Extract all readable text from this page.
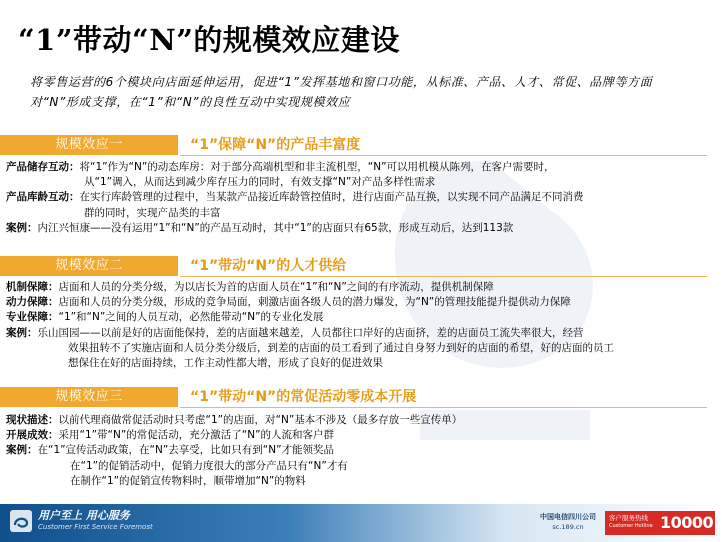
“1”带动“N”的规模效应建设
将零售运营的6个模块向店面延伸运用，促进“1”发挥基地和窗口功能，从标准、产品、人才、常促、品牌等方面对“N”形成支撑，在“1”和“N”的良性互动中实现规模效应
规模效应一	“1”保障“N”的产品丰富度

产品储存互动：将“1”作为“N”的动态库房：对于部分高端机型和非主流机型，“N”可以用机模从陈列，在客户需要时，

从“1”调入，从而达到减少库存压力的同时，有效支撑“N”对产品多样性需求

产品库龄互动：在实行库龄管理的过程中，当某款产品接近库龄管控值时，进行店面产品互换，以实现不同产品满足不同消费

群的同时，实现产品类的丰富

案例：内江兴恒康——没有运用“1”和“N”的产品互动时，其中“1”的店面只有65款，形成互动后，达到113款

规模效应二	“1”带动“N”的人才供给

机制保障：店面和人员的分类分级，为以店长为首的店面人员在“1”和“N”之间的有序流动，提供机制保障

动力保障：店面和人员的分类分级，形成的竞争局面，刺激店面各级人员的潜力爆发，为“N”的管理技能提升提供动力保障

专业保障：“1”和“N”之间的人员互动，必然能带动“N”的专业化发展

案例：乐山国园——以前是好的店面能保持，差的店面越来越差，人员都往口岸好的店面挤，差的店面员工流失率很大，经营

效果扭转不了实施店面和人员分类分级后，到差的店面的员工看到了通过自身努力到好的店面的希望，好的店面的员工

想保住在好的店面持续，工作主动性都大增，形成了良好的促进效果

规模效应三	“1”带动“N”的常促活动零成本开展

现状描述：以前代理商做常促活动时只考虑“1”的店面，对“N”基本不涉及（最多存放一些宣传单）

开展成效：采用“1”带“N”的常促活动，充分激活了“N”的人流和客户群

案例：在“1”宣传活动政策，在“N”去享受，比如只有到“N”才能领奖品

在“1”的促销活动中，促销力度很大的部分产品只有“N”才有

在制作“1”的促销宣传物料时，顺带增加“N”的物料

用户至上 用心服务
Customer First Service Foremost
中国电信四川公司
sc.189.cn
客户服务热线
Customer Hotline 10000
